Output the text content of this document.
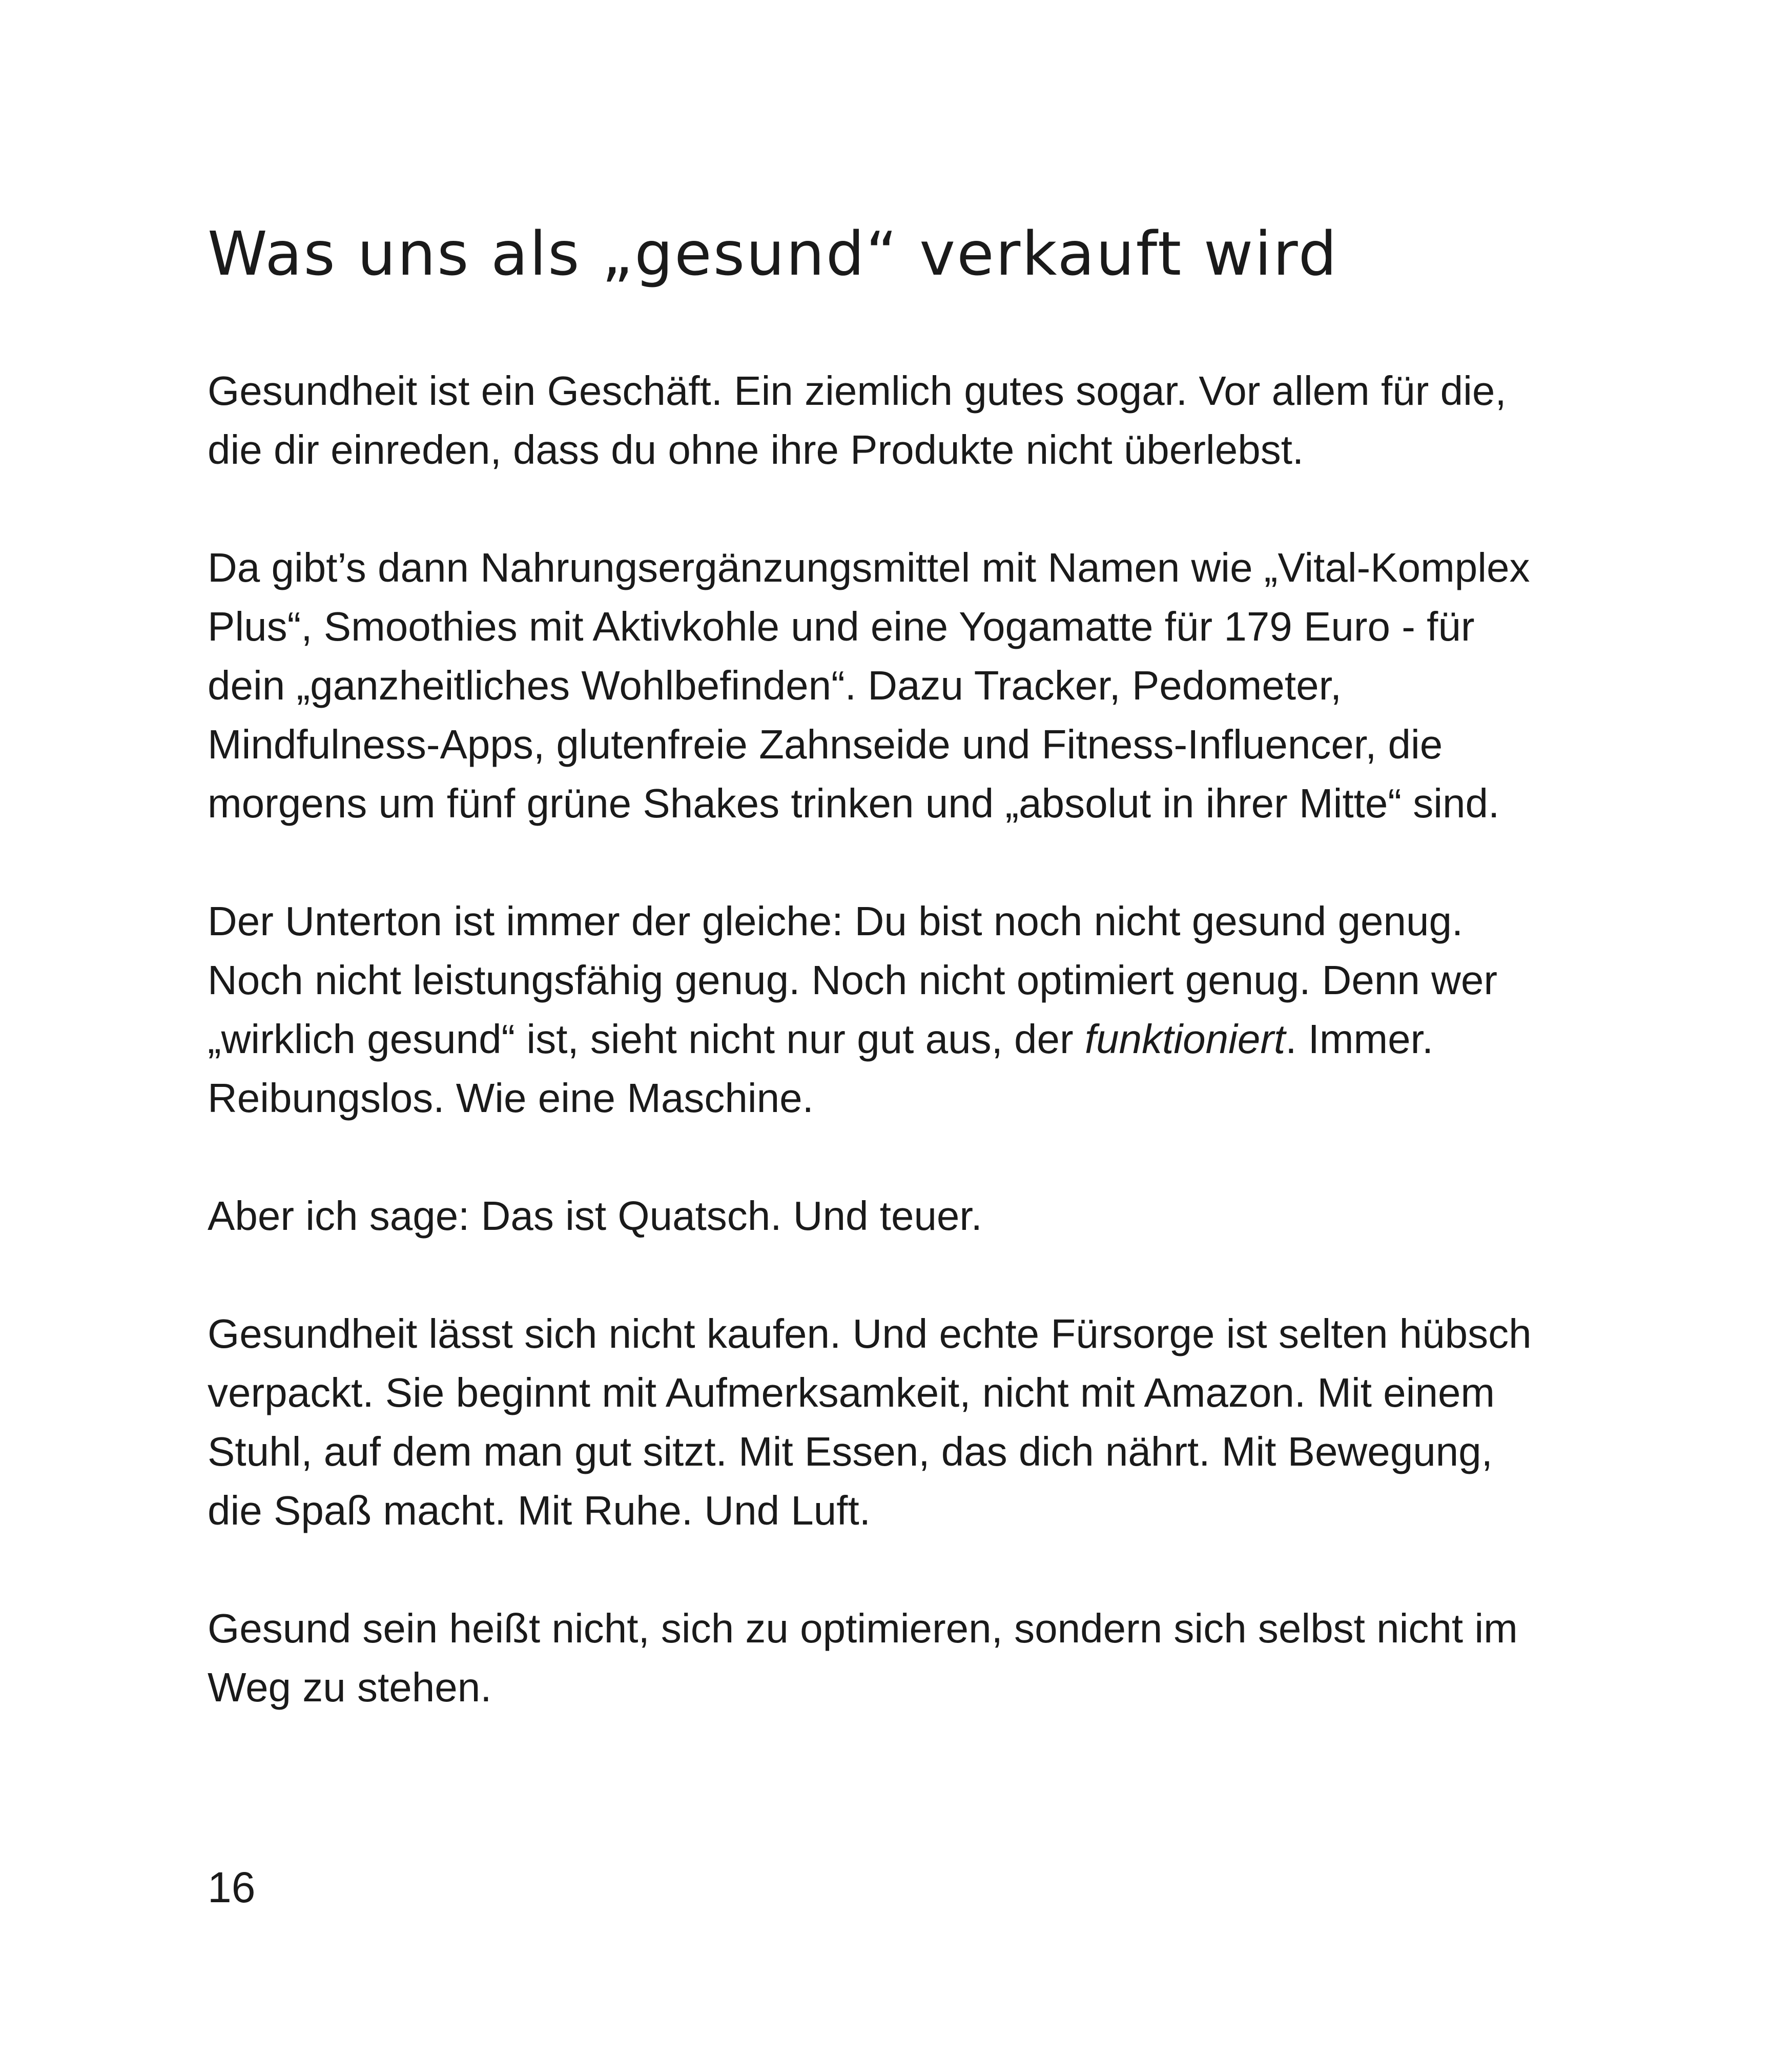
Was uns als „gesund“ verkauft wird

Gesundheit ist ein Geschäft. Ein ziemlich gutes sogar. Vor allem für die, die dir einreden, dass du ohne ihre Produkte nicht überlebst.

Da gibt’s dann Nahrungsergänzungsmittel mit Namen wie „Vital-Komplex Plus“, Smoothies mit Aktivkohle und eine Yogamatte für 179 Euro - für dein „ganzheitliches Wohlbefinden“. Dazu Tracker, Pedometer, Mindfulness-Apps, glutenfreie Zahnseide und Fitness-Influencer, die morgens um fünf grüne Shakes trinken und „absolut in ihrer Mitte“ sind.

Der Unterton ist immer der gleiche: Du bist noch nicht gesund genug. Noch nicht leistungsfähig genug. Noch nicht optimiert genug. Denn wer „wirklich gesund“ ist, sieht nicht nur gut aus, der funktioniert. Immer. Reibungslos. Wie eine Maschine.

Aber ich sage: Das ist Quatsch. Und teuer.

Gesundheit lässt sich nicht kaufen. Und echte Fürsorge ist selten hübsch verpackt. Sie beginnt mit Aufmerksamkeit, nicht mit Amazon. Mit einem Stuhl, auf dem man gut sitzt. Mit Essen, das dich nährt. Mit Bewegung, die Spaß macht. Mit Ruhe. Und Luft.

Gesund sein heißt nicht, sich zu optimieren, sondern sich selbst nicht im Weg zu stehen.

16
